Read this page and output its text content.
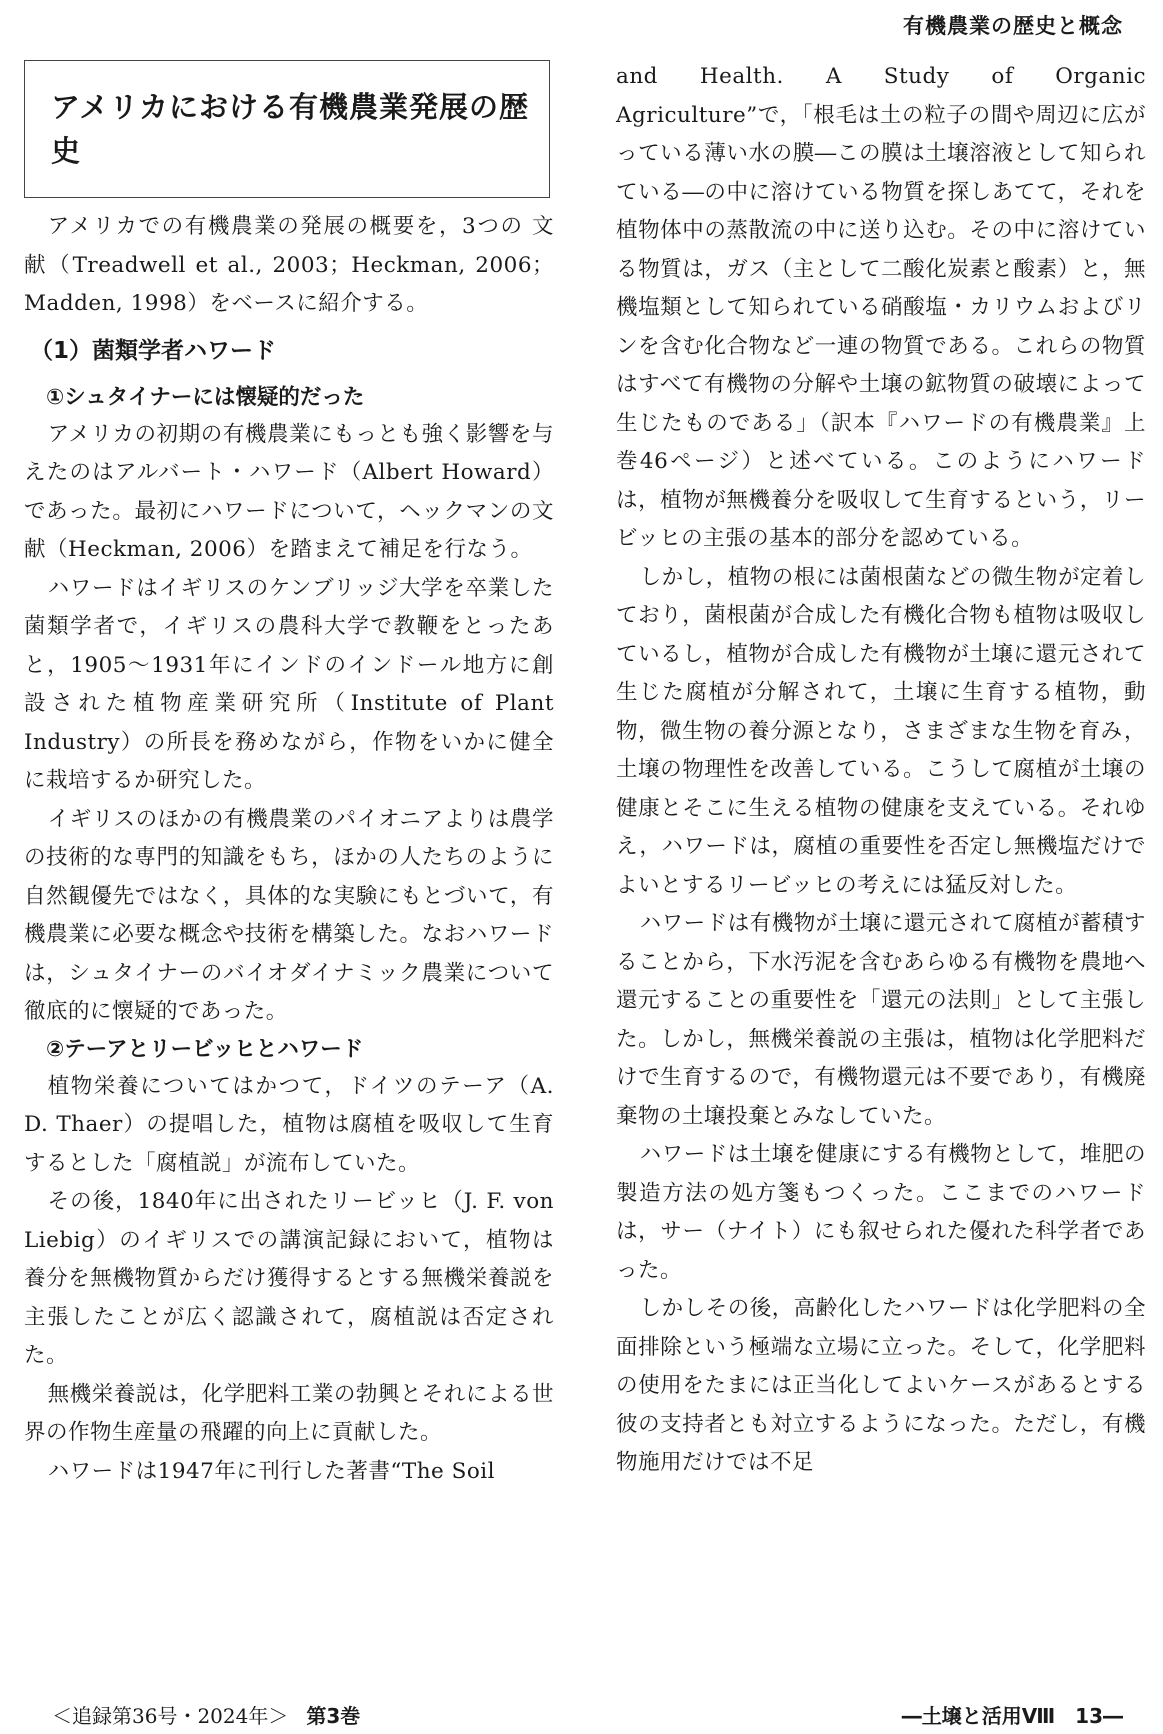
有機農業の歴史と概念
アメリカにおける有機農業発展の歴史

アメリカでの有機農業の発展の概要を，3つの 文 献（Treadwell et al., 2003；Heckman, 2006；Madden, 1998）をベースに紹介する。

（1）菌類学者ハワード
①シュタイナーには懐疑的だった

アメリカの初期の有機農業にもっとも強く影響を与えたのはアルバート・ハワード（Albert Howard）であった。最初にハワードについて，ヘックマンの文献（Heckman, 2006）を踏まえて補足を行なう。

ハワードはイギリスのケンブリッジ大学を卒業した菌類学者で，イギリスの農科大学で教鞭をとったあと，1905～1931年にインドのインドール地方に創設された植物産業研究所（Institute of Plant Industry）の所長を務めながら，作物をいかに健全に栽培するか研究した。

イギリスのほかの有機農業のパイオニアよりは農学の技術的な専門的知識をもち，ほかの人たちのように自然観優先ではなく，具体的な実験にもとづいて，有機農業に必要な概念や技術を構築した。なおハワードは，シュタイナーのバイオダイナミック農業について徹底的に懐疑的であった。

②テーアとリービッヒとハワード

植物栄養についてはかつて，ドイツのテーア（A. D. Thaer）の提唱した，植物は腐植を吸収して生育するとした「腐植説」が流布していた。

その後，1840年に出されたリービッヒ（J. F. von Liebig）のイギリスでの講演記録において，植物は養分を無機物質からだけ獲得するとする無機栄養説を主張したことが広く認識されて，腐植説は否定された。

無機栄養説は，化学肥料工業の勃興とそれによる世界の作物生産量の飛躍的向上に貢献した。

ハワードは1947年に刊行した著書“The Soil

and Health. A Study of Organic Agriculture”で，「根毛は土の粒子の間や周辺に広がっている薄い水の膜―この膜は土壌溶液として知られている―の中に溶けている物質を探しあてて，それを植物体中の蒸散流の中に送り込む。その中に溶けている物質は，ガス（主として二酸化炭素と酸素）と，無機塩類として知られている硝酸塩・カリウムおよびリンを含む化合物など一連の物質である。これらの物質はすべて有機物の分解や土壌の鉱物質の破壊によって生じたものである」（訳本『ハワードの有機農業』上巻46ページ）と述べている。このようにハワードは，植物が無機養分を吸収して生育するという，リービッヒの主張の基本的部分を認めている。

しかし，植物の根には菌根菌などの微生物が定着しており，菌根菌が合成した有機化合物も植物は吸収しているし，植物が合成した有機物が土壌に還元されて生じた腐植が分解されて，土壌に生育する植物，動物，微生物の養分源となり，さまざまな生物を育み，土壌の物理性を改善している。こうして腐植が土壌の健康とそこに生える植物の健康を支えている。それゆえ，ハワードは，腐植の重要性を否定し無機塩だけでよいとするリービッヒの考えには猛反対した。

ハワードは有機物が土壌に還元されて腐植が蓄積することから，下水汚泥を含むあらゆる有機物を農地へ還元することの重要性を「還元の法則」として主張した。しかし，無機栄養説の主張は，植物は化学肥料だけで生育するので，有機物還元は不要であり，有機廃棄物の土壌投棄とみなしていた。

ハワードは土壌を健康にする有機物として，堆肥の製造方法の処方箋もつくった。ここまでのハワードは，サー（ナイト）にも叙せられた優れた科学者であった。

しかしその後，高齢化したハワードは化学肥料の全面排除という極端な立場に立った。そして，化学肥料の使用をたまには正当化してよいケースがあるとする彼の支持者とも対立するようになった。ただし，有機物施用だけでは不足

＜追録第36号・2024年＞ 第3巻	―土壌と活用Ⅷ　13―
